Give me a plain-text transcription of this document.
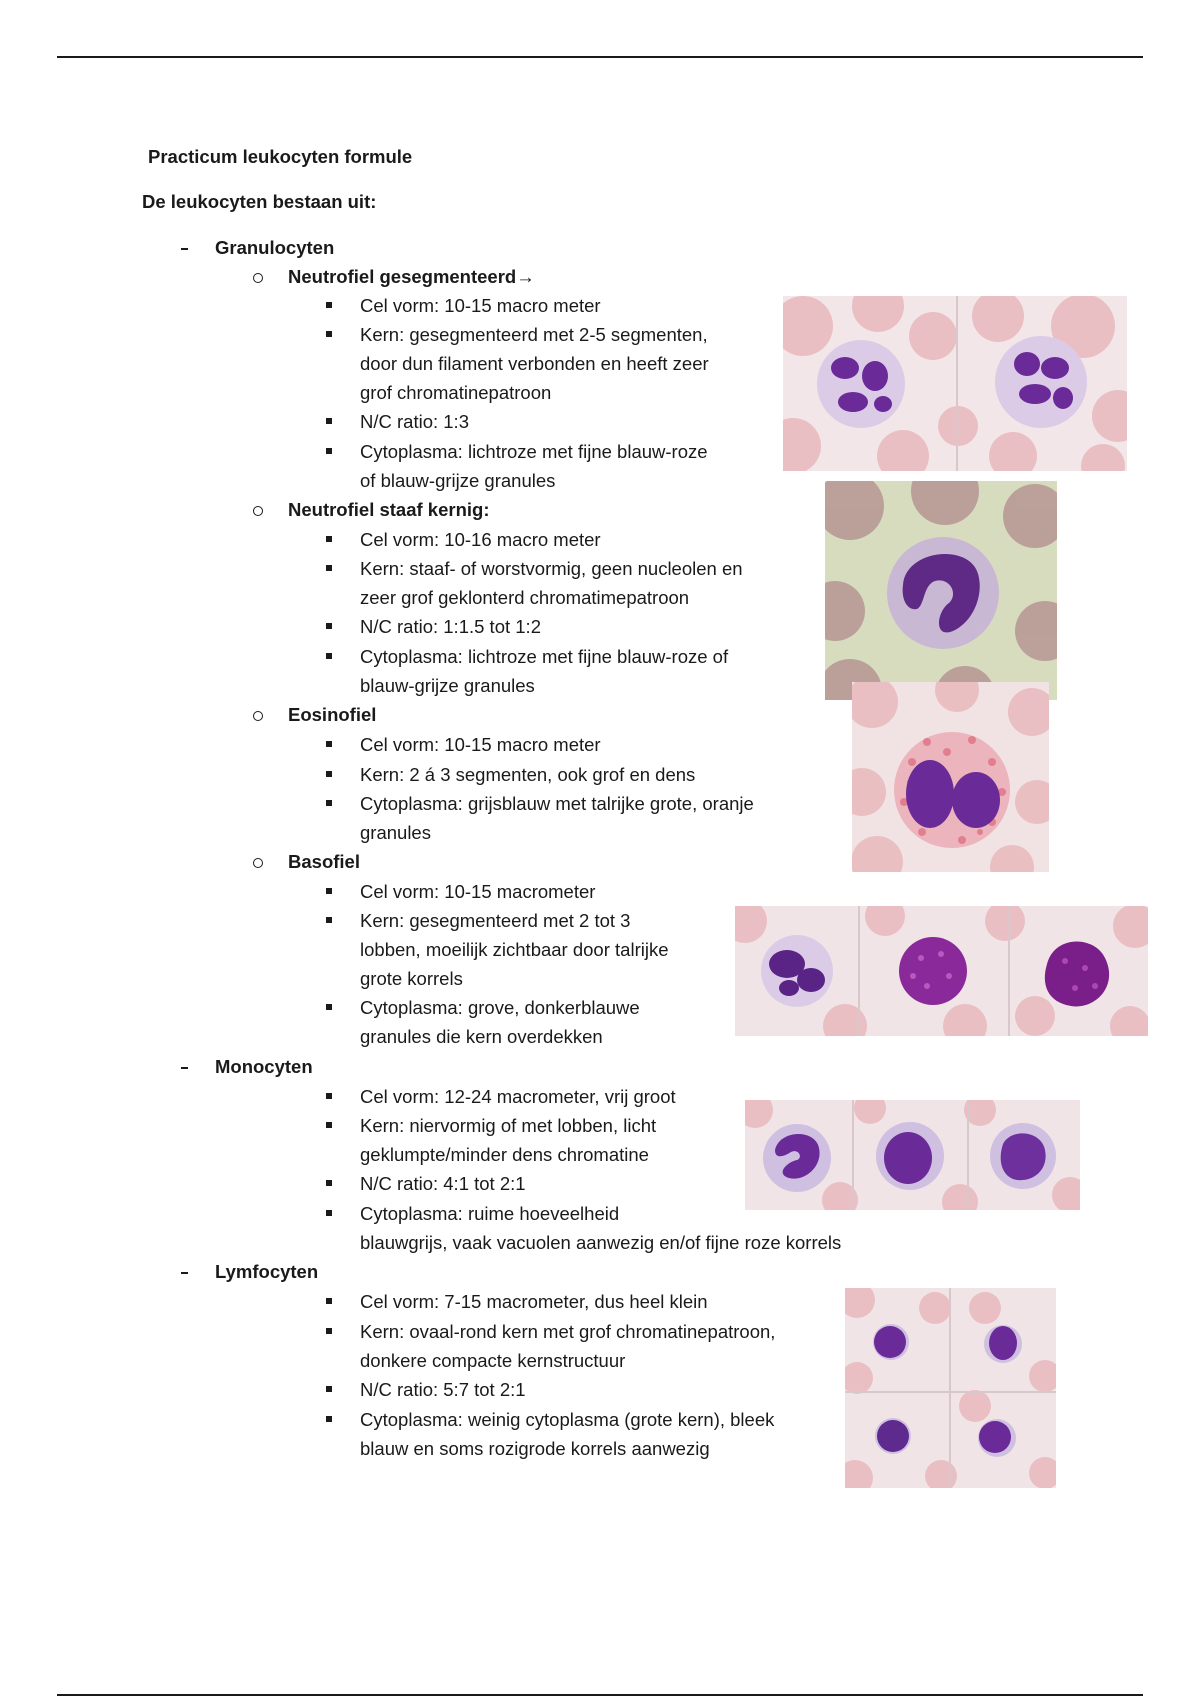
Practicum leukocyten formule
De leukocyten bestaan uit:
Granulocyten
Neutrofiel gesegmenteerd→
Cel vorm: 10-15 macro meter
Kern: gesegmenteerd met 2-5 segmenten,
door dun filament verbonden en heeft zeer
grof chromatinepatroon
N/C ratio: 1:3
Cytoplasma: lichtroze met fijne blauw-roze
of blauw-grijze granules
Neutrofiel staaf kernig:
Cel vorm: 10-16 macro meter
Kern: staaf- of worstvormig, geen nucleolen en
zeer grof geklonterd chromatimepatroon
N/C ratio: 1:1.5 tot 1:2
Cytoplasma: lichtroze met fijne blauw-roze of
blauw-grijze granules
Eosinofiel
Cel vorm: 10-15 macro meter
Kern: 2 á 3 segmenten, ook grof en dens
Cytoplasma: grijsblauw met talrijke grote, oranje
granules
Basofiel
Cel vorm: 10-15 macrometer
Kern: gesegmenteerd met 2 tot 3
lobben, moeilijk zichtbaar door talrijke
grote korrels
Cytoplasma: grove, donkerblauwe
granules die kern overdekken
Monocyten
Cel vorm: 12-24 macrometer, vrij groot
Kern: niervormig of met lobben, licht
geklumpte/minder dens chromatine
N/C ratio: 4:1 tot 2:1
Cytoplasma: ruime hoeveelheid
blauwgrijs, vaak vacuolen aanwezig en/of fijne roze korrels
Lymfocyten
Cel vorm: 7-15 macrometer, dus heel klein
Kern: ovaal-rond kern met grof chromatinepatroon,
donkere compacte kernstructuur
N/C ratio: 5:7 tot 2:1
Cytoplasma: weinig cytoplasma (grote kern), bleek
blauw en soms rozigrode korrels aanwezig
